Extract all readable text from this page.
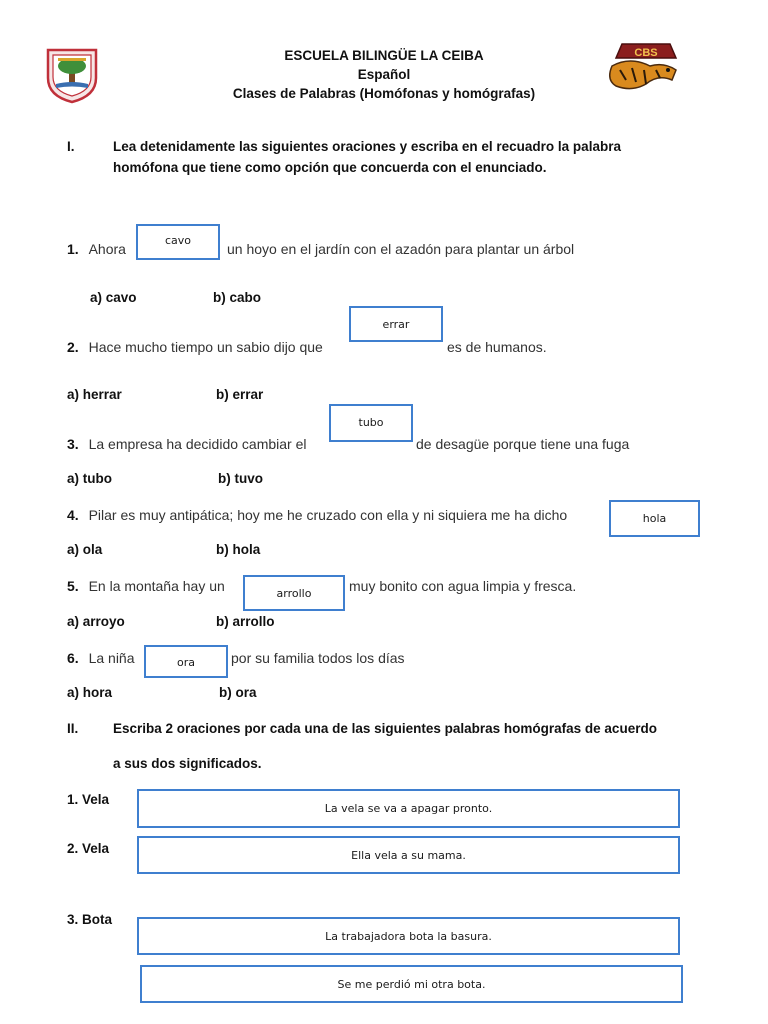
CBS
ESCUELA BILINGÜE LA CEIBA
Español
Clases de Palabras (Homófonas y homógrafas)
I.	Lea detenidamente las siguientes oraciones y escriba en el recuadro la palabra
homófona que tiene como opción que concuerda con el enunciado.
1. Ahora
cavo
un hoyo en el jardín con el azadón para plantar un árbol
a) cavo	b) cabo
errar
2. Hace mucho tiempo un sabio dijo que	es de humanos.
a) herrar	b) errar
tubo
3. La empresa ha decidido cambiar el	de desagüe porque tiene una fuga
a) tubo	b) tuvo
4. Pilar es muy antipática; hoy me he cruzado con ella y ni siquiera me ha dicho	hola
a) ola	b) hola
5. En la montaña hay un	arrollo	muy bonito con agua limpia y fresca.
a) arroyo	b) arrollo
6. La niña	ora	por su familia todos los días
a) hora	b) ora
II.	Escriba 2 oraciones por cada una de las siguientes palabras homógrafas de acuerdo
a sus dos significados.
1. Vela
La vela se va a apagar pronto.
2. Vela	Ella vela a su mama.
3. Bota
La trabajadora bota la basura.
Se me perdió mi otra bota.
